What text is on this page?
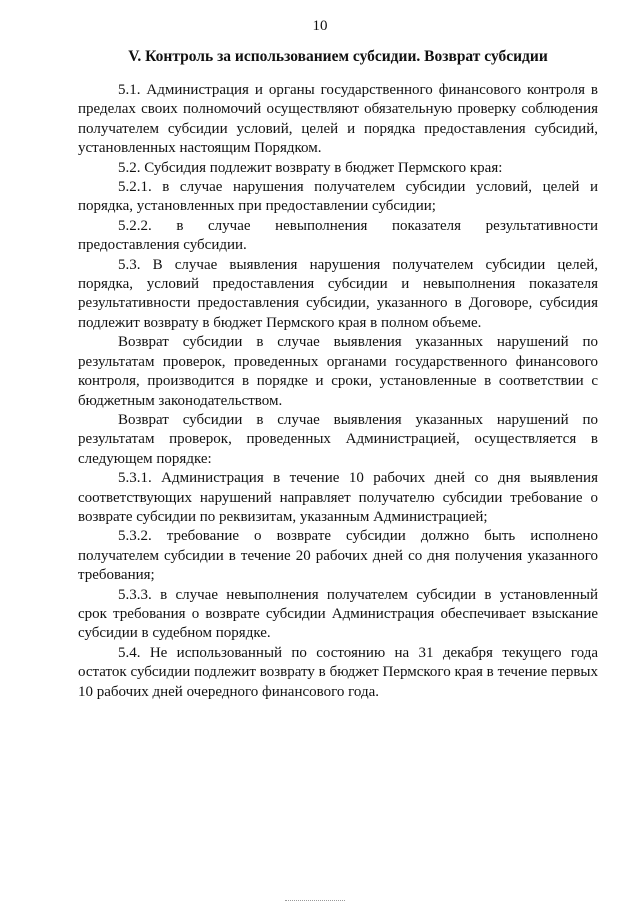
10
V. Контроль за использованием субсидии. Возврат субсидии

5.1. Администрация и органы государственного финансового контроля в пределах своих полномочий осуществляют обязательную проверку соблюдения получателем субсидии условий, целей и порядка предоставления субсидий, установленных настоящим Порядком.

5.2. Субсидия подлежит возврату в бюджет Пермского края:

5.2.1. в случае нарушения получателем субсидии условий, целей и порядка, установленных при предоставлении субсидии;

5.2.2. в случае невыполнения показателя результативности предоставления субсидии.

5.3. В случае выявления нарушения получателем субсидии целей, порядка, условий предоставления субсидии и невыполнения показателя результативности предоставления субсидии, указанного в Договоре, субсидия подлежит возврату в бюджет Пермского края в полном объеме.

Возврат субсидии в случае выявления указанных нарушений по результатам проверок, проведенных органами государственного финансового контроля, производится в порядке и сроки, установленные в соответствии с бюджетным законодательством.

Возврат субсидии в случае выявления указанных нарушений по результатам проверок, проведенных Администрацией, осуществляется в следующем порядке:

5.3.1. Администрация в течение 10 рабочих дней со дня выявления соответствующих нарушений направляет получателю субсидии требование о возврате субсидии по реквизитам, указанным Администрацией;

5.3.2. требование о возврате субсидии должно быть исполнено получателем субсидии в течение 20 рабочих дней со дня получения указанного требования;

5.3.3. в случае невыполнения получателем субсидии в установленный срок требования о возврате субсидии Администрация обеспечивает взыскание субсидии в судебном порядке.

5.4. Не использованный по состоянию на 31 декабря текущего года остаток субсидии подлежит возврату в бюджет Пермского края в течение первых 10 рабочих дней очередного финансового года.
